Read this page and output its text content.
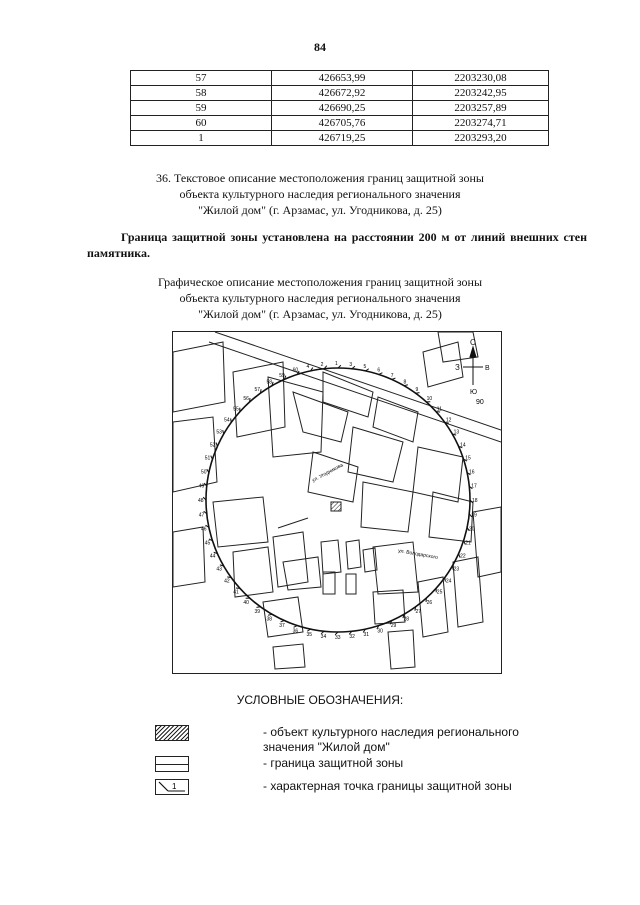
84
57	426653,99	2203230,08
58	426672,92	2203242,95
59	426690,25	2203257,89
60	426705,76	2203274,71
1	426719,25	2203293,20
36. Текстовое описание местоположения границ защитной зоны
объекта культурного наследия регионального значения
"Жилой дом" (г. Арзамас, ул. Угодникова, д. 25)
Граница защитной зоны установлена на расстоянии 200 м от линий внешних стен памятника.
Графическое описание местоположения границ защитной зоны
объекта культурного наследия регионального значения
"Жилой дом" (г. Арзамас, ул. Угодникова, д. 25)
1 3 5
6
7
8
9
10
11
12
13
14
15
16
17
18
19
20
21
22
23
24
25
26
27
28
29
30
31
32
33
34
35
36
37
38
39
40
41
42
43
44
45
46
47
48
49
50
51
52
53
54
55
56
57
58
59
60
4 2
С
З	В
Ю
90
ул. Угодникова
ул. Володарского
УСЛОВНЫЕ ОБОЗНАЧЕНИЯ:
- объект культурного наследия регионального
значения "Жилой дом"
- граница защитной зоны
1	- характерная точка границы защитной зоны
